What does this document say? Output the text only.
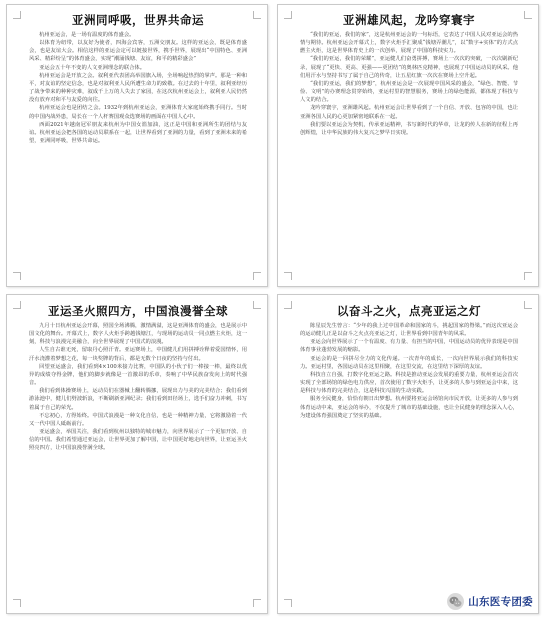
亚洲同呼吸，世界共命运

杭州亚运会，是一场有温度的体育盛会。

以体育为纽带，以友好为使者，四海会宾客，五洲交朋友。这样的亚运会，既是体育盛会，也是友谊大会。相信这样的亚运会定可以链接世界，携手世界，展现出“中国特色、亚洲风采、精彩纷呈”的体育盛会，实现“潮涌钱塘、友谊，和平的精彩盛会”

亚运会五十年不变的人文亚洲理念的联合体。

杭州亚运会是开放之会。叙利亚代表团高举国旗入场，全场响起热烈的掌声。那是一种和平，对友谊的坚定信念，也是对叙利亚人民所遭生命力的致敬。在过去的十年里，叙利亚经历了战争带来的种种灾难，叙成千上万的人失去了家园，在这次杭州亚运会上，叙利亚人民仍然没有放弃对和平与友爱的向往。

杭州亚运会也是团结之会。1932年到杭州亚运会，亚洲体育大家庭始终携手同行。当时的中国内战外患，局长在一个人杆赛国观众选赛场的画面在中国人心中。

西面2021年越南冠军朋友来杭州为中国女篮加油，这正是中国和亚洲所生的团结与友谊。杭州亚运会把各国的运动员联系在一起，让世界看到了亚洲的力量，看到了亚洲未来的希望，亚洲同呼吸，世界共命运。

亚洲雄风起，龙吟穿寰宇

“我们的亚运，我们的家”，这是杭州亚运会的一句标语，它表达了中国人民对亚运会的热情与期待。杭州亚运会开幕式上，数字火炬手汇聚成“钱塘弄潮儿”，以“数字+实体”的方式点燃主火炬，这是世界体育史上的一次创举，展现了中国的科技实力。

“我们的亚运，我们的荣耀”，亚运健儿们奋勇拼搏，赛场上一次次的突破，一次次刷新纪录，展现了“更快、更高、更强——更团结”的奥林匹克精神，也展现了中国运动员的风采。他们用汗水与坚持书写了属于自己的传奇，让五星红旗一次次在赛场上空升起。

“我们的亚运，我们的梦想”，杭州亚运会是一次展现中国风采的盛会，“绿色、智能、节俭、文明”的办赛理念贯穿始终，亚运村里的智慧服务，赛场上的绿色能源，都体现了科技与人文的结合。

龙吟穿寰宇，亚洲雄风起。杭州亚运会让世界看到了一个自信、开放、包容的中国，也让亚洲各国人民的心更加紧密地联系在一起。

我们要以亚运会为契机，传承亚运精神，书写新时代的华章，让龙的传人在新的征程上再创辉煌，让中华民族的伟大复兴之梦早日实现。

亚运圣火照四方，中国浪漫誉全球

九月十日杭州亚运会开幕，照国全场沸腾，激情满溢，这是亚洲体育的盛会，也是展示中国文化的舞台。开幕式上，数字人火炬手跨越钱塘江，与现场的运动员一同点燃主火炬，这一刻，科技与浪漫完美融合，向全世界展现了中国式的浪漫。

人生自古谁无死，留取丹心照汗青。亚运赛场上，中国健儿们用拼搏诠释着爱国情怀，用汗水浇灌着梦想之花，每一块奖牌的背后，都是无数个日夜的坚持与付出。

回望亚运盛会，我们看到4×100米接力比赛，中国队的小伙子们一棒接一棒，最终以优异的成绩夺得金牌，他们的脚步就像是一首激昂的乐章，奏响了中华民族奋发向上的时代强音。

我们看到体操赛场上，运动员们在器械上翻转腾挪，展现出力与美的完美结合；我们看到游泳池中，健儿们劈波斩浪，不断刷新亚洲纪录；我们看到田径场上，选手们奋力冲刺，书写着属于自己的荣光。

不忘初心，方得始终。中国式浪漫是一种文化自信，也是一种精神力量，它将激励着一代又一代中国人砥砺前行。

亚运盛会，举国关注，我们看到杭州以独特的城市魅力，向世界展示了一个更加开放、自信的中国。我们希望通过亚运会，让世界更加了解中国，让中国更好地走向世界，让亚运圣火照亮四方，让中国浪漫誉满全球。

以奋斗之火，点亮亚运之灯

陈星辰先生曾言：“少年的我上过中国革命和国家的斗，挑起国家的脊梁。”而这次亚运会的运动健儿正是以奋斗之火点亮亚运之灯，让世界看到中国青年的风采。

亚运会向世界展示了一个有温度、有力量、有担当的中国，中国运动员的优异表现是中国体育事业蓬勃发展的缩影。

亚运会的是一回拼尽全力的文化传递。一次青年的成长，一次向世界展示我们的科技实力。亚运村里，各国运动员在这里相聚，在这里交流，在这里结下深厚的友谊。

科技自立自强，打数字化亚运之路。科技是推动亚运会发展的重要力量，杭州亚运会首次实现了全部场馆的绿色电力供应，首次使用了数字火炬手，让更多的人参与到亚运会中来，这是科技与体育的完美结合，这是科技兴国的生动实践。

服务全民健身，恰恰有朝日出梦想。杭州要将亚运会场馆向市民开放，让更多的人参与到体育运动中来，亚运会的举办，不仅提升了城市的基础设施，也让全民健身的理念深入人心，为建设体育强国奠定了坚实的基础。

山东医专团委
